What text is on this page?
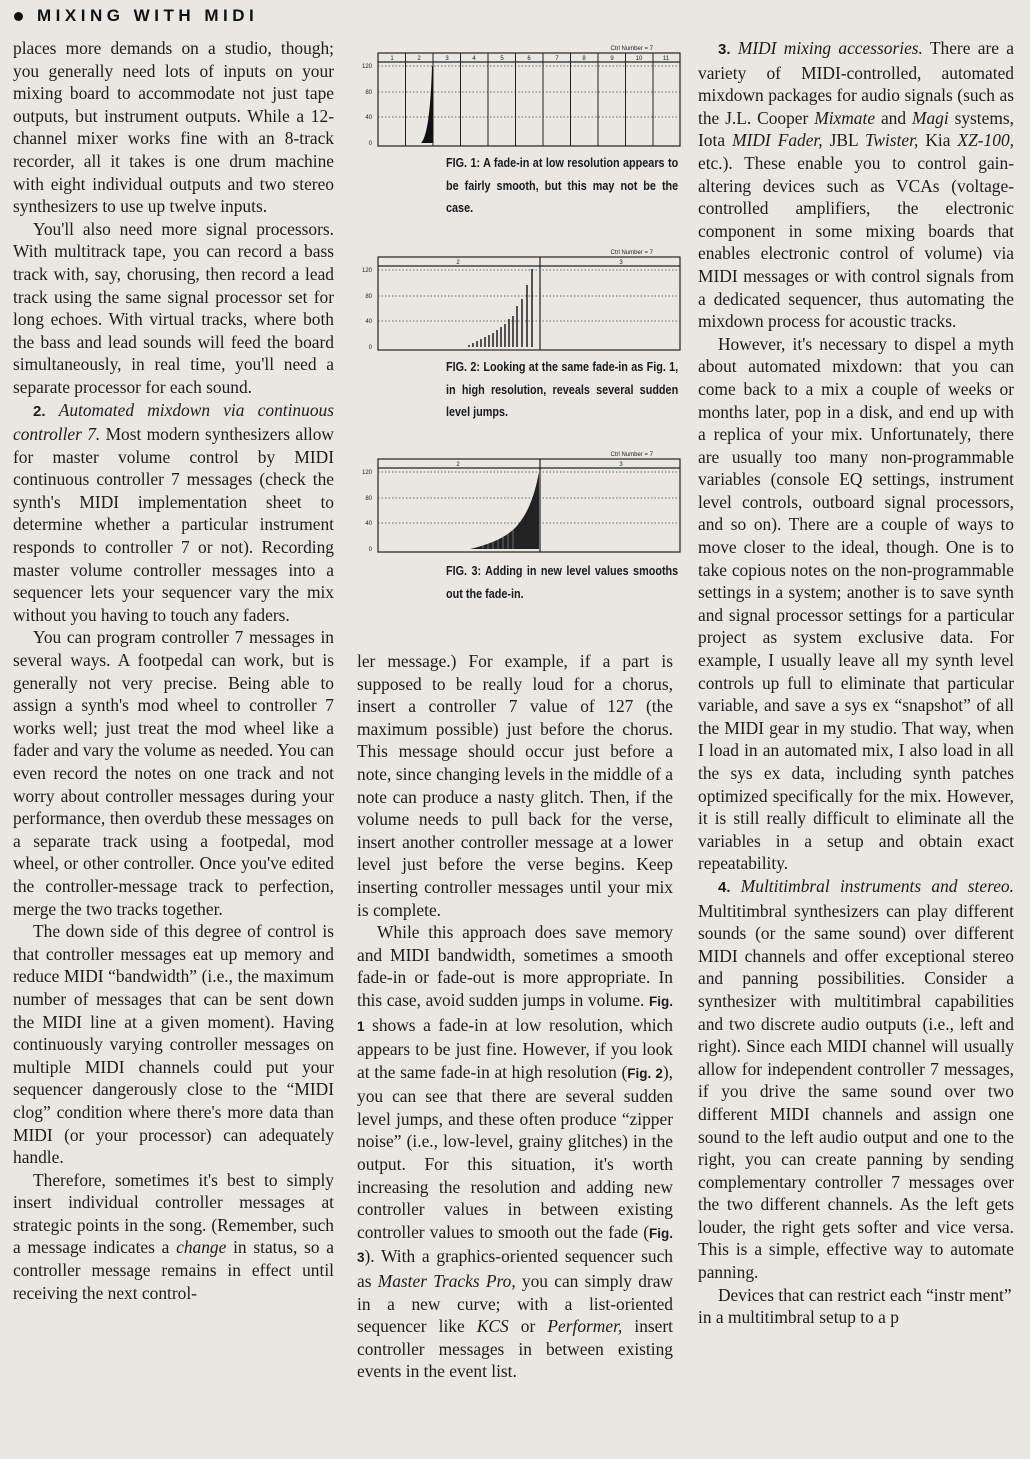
MIXING WITH MIDI

places more demands on a studio, though; you generally need lots of inputs on your mixing board to accommodate not just tape outputs, but instrument outputs. While a 12-channel mixer works fine with an 8-track recorder, all it takes is one drum machine with eight individual outputs and two stereo synthesizers to use up twelve inputs.

You'll also need more signal processors. With multitrack tape, you can record a bass track with, say, chorusing, then record a lead track using the same signal processor set for long echoes. With virtual tracks, where both the bass and lead sounds will feed the board simultaneously, in real time, you'll need a separate processor for each sound.

2. Automated mixdown via continuous controller 7. Most modern synthesizers allow for master volume control by MIDI continuous controller 7 messages (check the synth's MIDI implementation sheet to determine whether a particular instrument responds to controller 7 or not). Recording master volume controller messages into a sequencer lets your sequencer vary the mix without you having to touch any faders.

You can program controller 7 messages in several ways. A footpedal can work, but is generally not very precise. Being able to assign a synth's mod wheel to controller 7 works well; just treat the mod wheel like a fader and vary the volume as needed. You can even record the notes on one track and not worry about controller messages during your performance, then overdub these messages on a separate track using a footpedal, mod wheel, or other controller. Once you've edited the controller-message track to perfection, merge the two tracks together.

The down side of this degree of control is that controller messages eat up memory and reduce MIDI “bandwidth” (i.e., the maximum number of messages that can be sent down the MIDI line at a given moment). Having continuously varying controller messages on multiple MIDI channels could put your sequencer dangerously close to the “MIDI clog” condition where there's more data than MIDI (or your processor) can adequately handle.

Therefore, sometimes it's best to simply insert individual controller messages at strategic points in the song. (Remember, such a message indicates a change in status, so a controller message remains in effect until receiving the next control-

Ctrl Number = 7
1	2	3	4	5	6	7	8	9	10	11
120
80
40
0
FIG. 1: A fade-in at low resolution appears to be fairly smooth, but this may not be the case.
Ctrl Number = 7
2	3
120
80
40
0
FIG. 2: Looking at the same fade-in as Fig. 1, in high resolution, reveals several sudden level jumps.
Ctrl Number = 7
2	3
120
80
40
0
FIG. 3: Adding in new level values smooths out the fade-in.

ler message.) For example, if a part is supposed to be really loud for a chorus, insert a controller 7 value of 127 (the maximum possible) just before the chorus. This message should occur just before a note, since changing levels in the middle of a note can produce a nasty glitch. Then, if the volume needs to pull back for the verse, insert another controller message at a lower level just before the verse begins. Keep inserting controller messages until your mix is complete.

While this approach does save memory and MIDI bandwidth, sometimes a smooth fade-in or fade-out is more appropriate. In this case, avoid sudden jumps in volume. Fig. 1 shows a fade-in at low resolution, which appears to be just fine. However, if you look at the same fade-in at high resolution (Fig. 2), you can see that there are several sudden level jumps, and these often produce “zipper noise” (i.e., low-level, grainy glitches) in the output. For this situation, it's worth increasing the resolution and adding new controller values in between existing controller values to smooth out the fade (Fig. 3). With a graphics-oriented sequencer such as Master Tracks Pro, you can simply draw in a new curve; with a list-oriented sequencer like KCS or Performer, insert controller messages in between existing events in the event list.

3. MIDI mixing accessories. There are a variety of MIDI-controlled, automated mixdown packages for audio signals (such as the J.L. Cooper Mixmate and Magi systems, Iota MIDI Fader, JBL Twister, Kia XZ-100, etc.). These enable you to control gain-altering devices such as VCAs (voltage-controlled amplifiers, the electronic component in some mixing boards that enables electronic control of volume) via MIDI messages or with control signals from a dedicated sequencer, thus automating the mixdown process for acoustic tracks.

However, it's necessary to dispel a myth about automated mixdown: that you can come back to a mix a couple of weeks or months later, pop in a disk, and end up with a replica of your mix. Unfortunately, there are usually too many non-programmable variables (console EQ settings, instrument level controls, outboard signal processors, and so on). There are a couple of ways to move closer to the ideal, though. One is to take copious notes on the non-programmable settings in a system; another is to save synth and signal processor settings for a particular project as system exclusive data. For example, I usually leave all my synth level controls up full to eliminate that particular variable, and save a sys ex “snapshot” of all the MIDI gear in my studio. That way, when I load in an automated mix, I also load in all the sys ex data, including synth patches optimized specifically for the mix. However, it is still really difficult to eliminate all the variables in a setup and obtain exact repeatability.

4. Multitimbral instruments and stereo. Multitimbral synthesizers can play different sounds (or the same sound) over different MIDI channels and offer exceptional stereo and panning possibilities. Consider a synthesizer with multitimbral capabilities and two discrete audio outputs (i.e., left and right). Since each MIDI channel will usually allow for independent controller 7 messages, if you drive the same sound over two different MIDI channels and assign one sound to the left audio output and one to the right, you can create panning by sending complementary controller 7 messages over the two different channels. As the left gets louder, the right gets softer and vice versa. This is a simple, effective way to automate panning.

Devices that can restrict each “instr ment” in a multitimbral setup to a p
